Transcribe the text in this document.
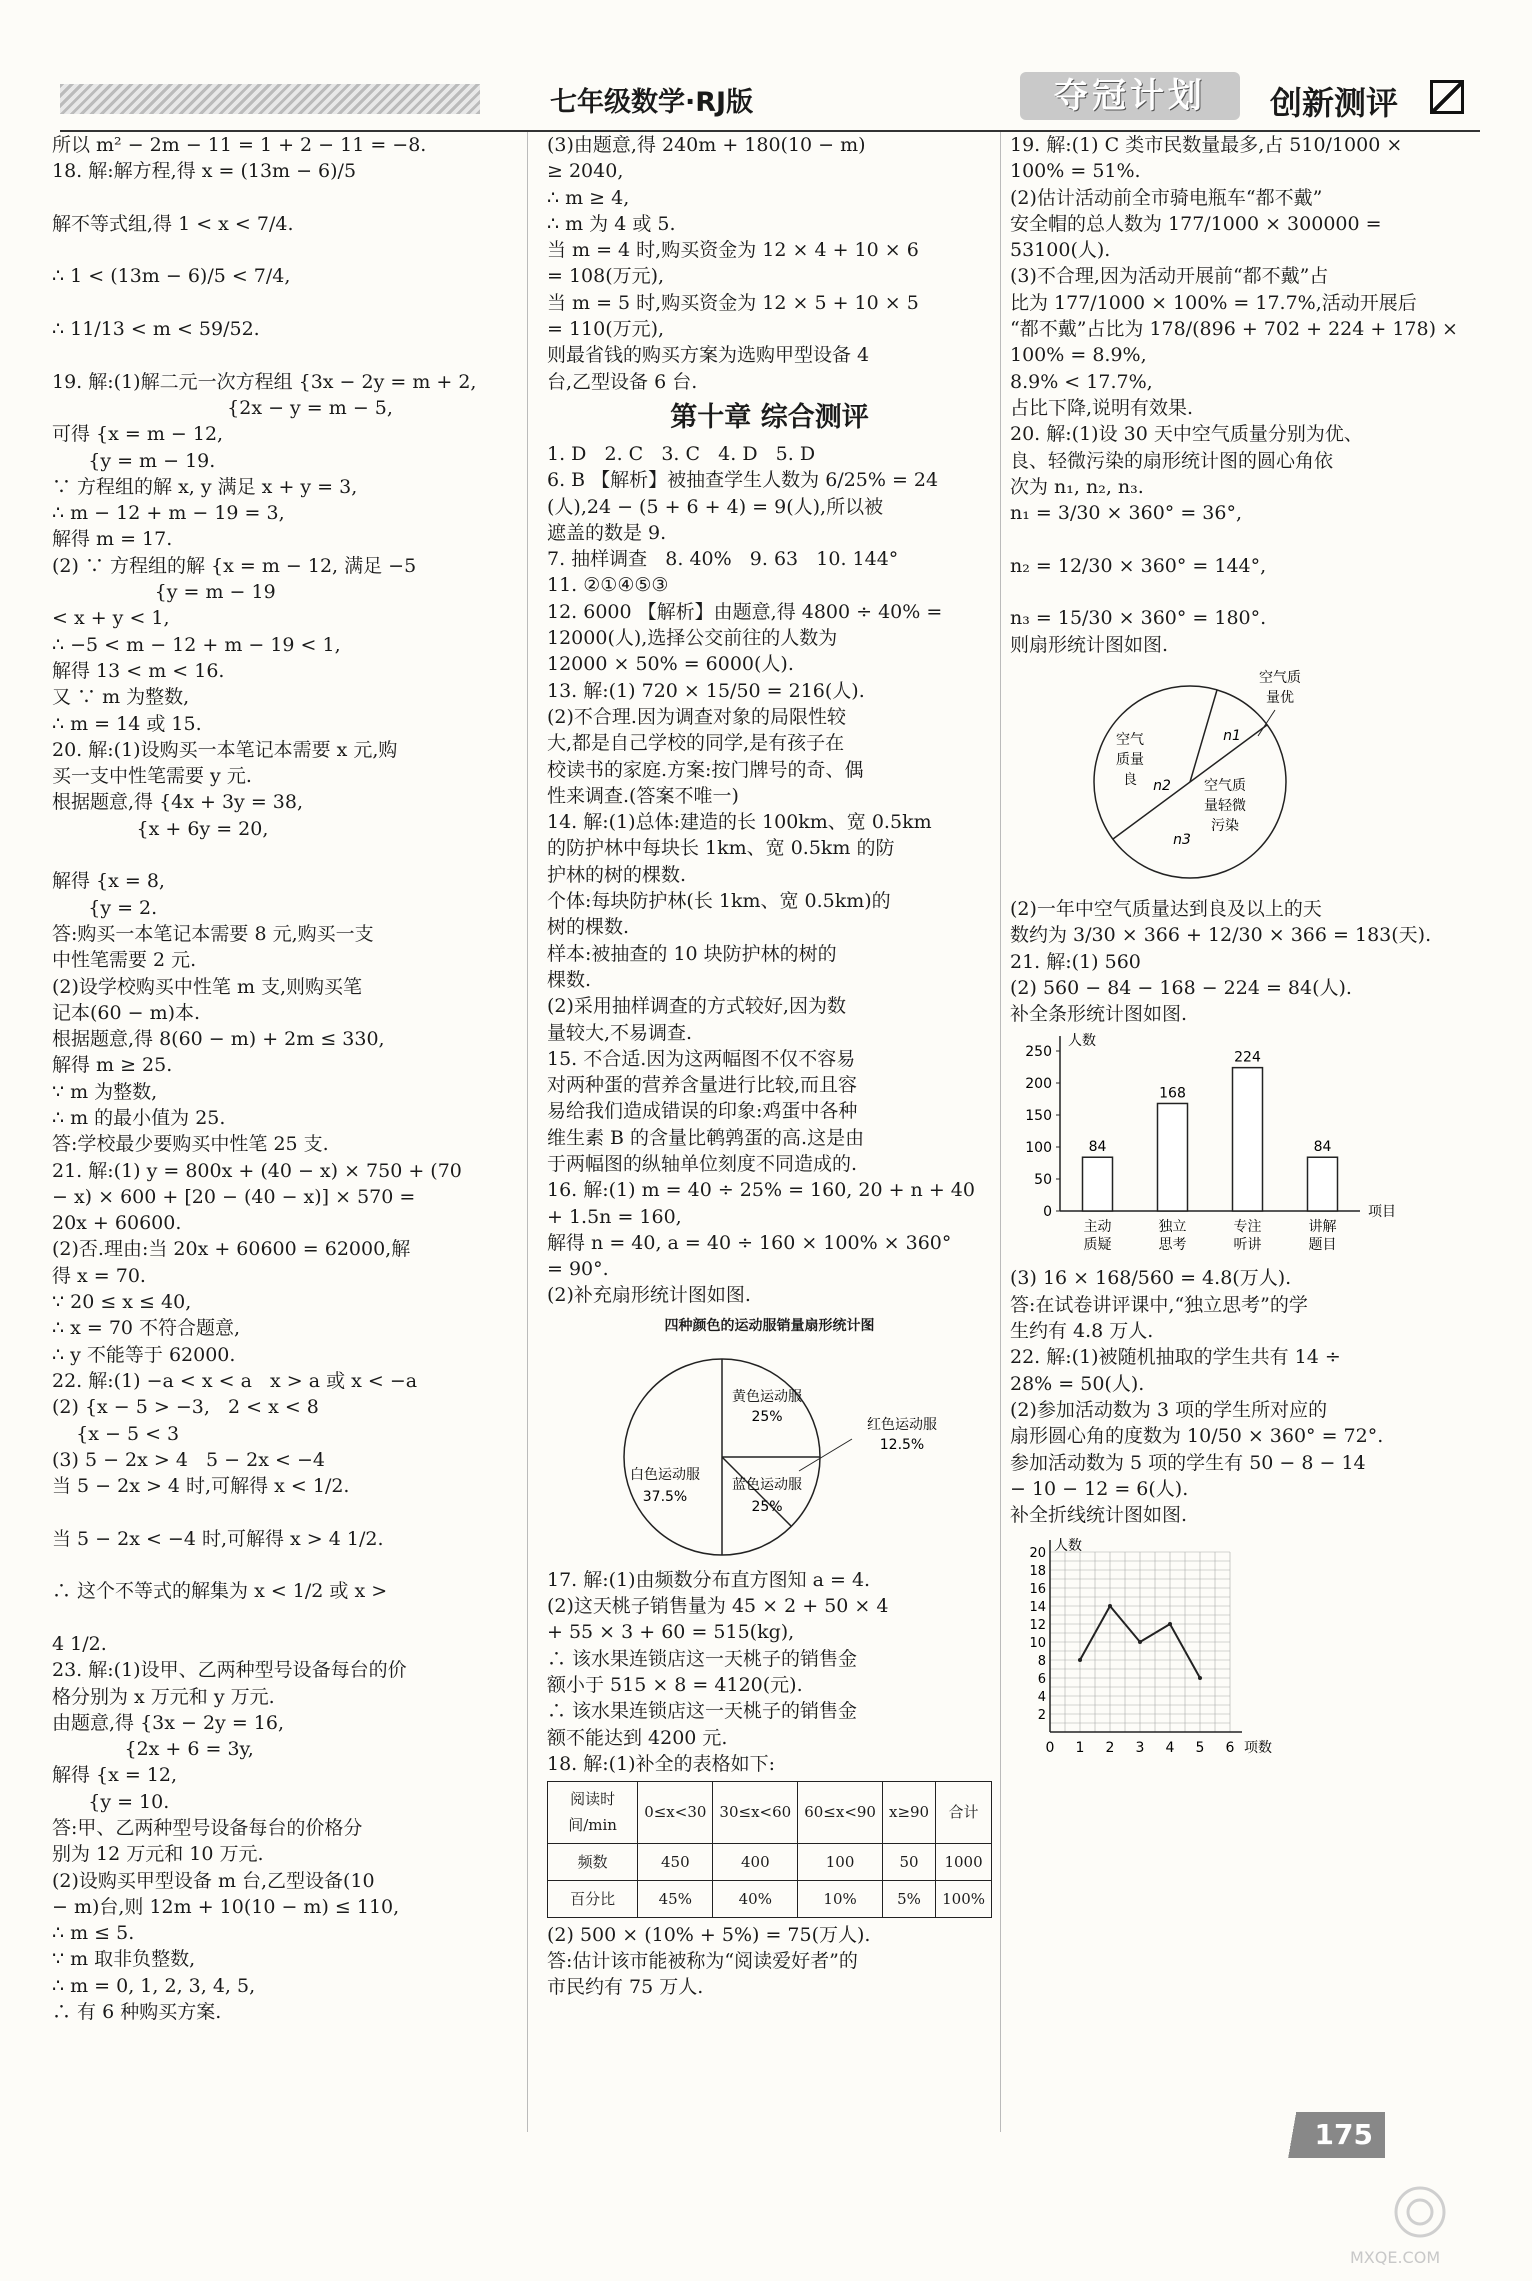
七年级数学·RJ版	夺冠计划	创新测评
所以 m² − 2m − 11 = 1 + 2 − 11 = −8.
18. 解:解方程,得 x = (13m − 6)/5
解不等式组,得 1 < x < 7/4.
∴ 1 < (13m − 6)/5 < 7/4,
∴ 11/13 < m < 59/52.
19. 解:(1)解二元一次方程组 {3x − 2y = m + 2,
{2x − y = m − 5,
可得 {x = m − 12,
{y = m − 19.
∵ 方程组的解 x, y 满足 x + y = 3,
∴ m − 12 + m − 19 = 3,
解得 m = 17.
(2) ∵ 方程组的解 {x = m − 12, 满足 −5
{y = m − 19
< x + y < 1,
∴ −5 < m − 12 + m − 19 < 1,
解得 13 < m < 16.
又 ∵ m 为整数,
∴ m = 14 或 15.
20. 解:(1)设购买一本笔记本需要 x 元,购
买一支中性笔需要 y 元.
根据题意,得 {4x + 3y = 38,
{x + 6y = 20,
解得 {x = 8,
{y = 2.
答:购买一本笔记本需要 8 元,购买一支
中性笔需要 2 元.
(2)设学校购买中性笔 m 支,则购买笔
记本(60 − m)本.
根据题意,得 8(60 − m) + 2m ≤ 330,
解得 m ≥ 25.
∵ m 为整数,
∴ m 的最小值为 25.
答:学校最少要购买中性笔 25 支.
21. 解:(1) y = 800x + (40 − x) × 750 + (70
− x) × 600 + [20 − (40 − x)] × 570 =
20x + 60600.
(2)否.理由:当 20x + 60600 = 62000,解
得 x = 70.
∵ 20 ≤ x ≤ 40,
∴ x = 70 不符合题意,
∴ y 不能等于 62000.
22. 解:(1) −a < x < a   x > a 或 x < −a
(2) {x − 5 > −3,   2 < x < 8
{x − 5 < 3
(3) 5 − 2x > 4   5 − 2x < −4
当 5 − 2x > 4 时,可解得 x < 1/2.
当 5 − 2x < −4 时,可解得 x > 4 1/2.
∴ 这个不等式的解集为 x < 1/2 或 x >
4 1/2.
23. 解:(1)设甲、乙两种型号设备每台的价
格分别为 x 万元和 y 万元.
由题意,得 {3x − 2y = 16,
{2x + 6 = 3y,
解得 {x = 12,
{y = 10.
答:甲、乙两种型号设备每台的价格分
别为 12 万元和 10 万元.
(2)设购买甲型设备 m 台,乙型设备(10
− m)台,则 12m + 10(10 − m) ≤ 110,
∴ m ≤ 5.
∵ m 取非负整数,
∴ m = 0, 1, 2, 3, 4, 5,
∴ 有 6 种购买方案.
(3)由题意,得 240m + 180(10 − m)
≥ 2040,
∴ m ≥ 4,
∴ m 为 4 或 5.
当 m = 4 时,购买资金为 12 × 4 + 10 × 6
= 108(万元),
当 m = 5 时,购买资金为 12 × 5 + 10 × 5
= 110(万元),
则最省钱的购买方案为选购甲型设备 4
台,乙型设备 6 台.
第十章 综合测评
1. D   2. C   3. C   4. D   5. D
6. B 【解析】被抽查学生人数为 6/25% = 24
(人),24 − (5 + 6 + 4) = 9(人),所以被
遮盖的数是 9.
7. 抽样调查   8. 40%   9. 63   10. 144°
11. ②①④⑤③
12. 6000 【解析】由题意,得 4800 ÷ 40% =
12000(人),选择公交前往的人数为
12000 × 50% = 6000(人).
13. 解:(1) 720 × 15/50 = 216(人).
(2)不合理.因为调查对象的局限性较
大,都是自己学校的同学,是有孩子在
校读书的家庭.方案:按门牌号的奇、偶
性来调查.(答案不唯一)
14. 解:(1)总体:建造的长 100km、宽 0.5km
的防护林中每块长 1km、宽 0.5km 的防
护林的树的棵数.
个体:每块防护林(长 1km、宽 0.5km)的
树的棵数.
样本:被抽查的 10 块防护林的树的
棵数.
(2)采用抽样调查的方式较好,因为数
量较大,不易调查.
15. 不合适.因为这两幅图不仅不容易
对两种蛋的营养含量进行比较,而且容
易给我们造成错误的印象:鸡蛋中各种
维生素 B 的含量比鹌鹑蛋的高.这是由
于两幅图的纵轴单位刻度不同造成的.
16. 解:(1) m = 40 ÷ 25% = 160, 20 + n + 40
+ 1.5n = 160,
解得 n = 40, a = 40 ÷ 160 × 100% × 360°
= 90°.
(2)补充扇形统计图如图.
四种颜色的运动服销量扇形统计图
黄色运动服
25%	红色运动服
12.5%
白色运动服
37.5%
蓝色运动服
25%
17. 解:(1)由频数分布直方图知 a = 4.
(2)这天桃子销售量为 45 × 2 + 50 × 4
+ 55 × 3 + 60 = 515(kg),
∴ 该水果连锁店这一天桃子的销售金
额小于 515 × 8 = 4120(元).
∴ 该水果连锁店这一天桃子的销售金
额不能达到 4200 元.
18. 解:(1)补全的表格如下:
阅读时间/min	0≤x<30	30≤x<60	60≤x<90	x≥90	合计
频数	450	400	100	50	1000
百分比	45%	40%	10%	5%	100%
(2) 500 × (10% + 5%) = 75(万人).
答:估计该市能被称为“阅读爱好者”的
市民约有 75 万人.
19. 解:(1) C 类市民数量最多,占 510/1000 ×
100% = 51%.
(2)估计活动前全市骑电瓶车“都不戴”
安全帽的总人数为 177/1000 × 300000 =
53100(人).
(3)不合理,因为活动开展前“都不戴”占
比为 177/1000 × 100% = 17.7%,活动开展后
“都不戴”占比为 178/(896 + 702 + 224 + 178) ×
100% = 8.9%,
8.9% < 17.7%,
占比下降,说明有效果.
20. 解:(1)设 30 天中空气质量分别为优、
良、轻微污染的扇形统计图的圆心角依
次为 n₁, n₂, n₃.
n₁ = 3/30 × 360° = 36°,
n₂ = 12/30 × 360° = 144°,
n₃ = 15/30 × 360° = 180°.
则扇形统计图如图.
空气质
量优
n1
空气
质量
良 n2 空气质
量轻微
污染
n3
(2)一年中空气质量达到良及以上的天
数约为 3/30 × 366 + 12/30 × 366 = 183(天).
21. 解:(1) 560
(2) 560 − 84 − 168 − 224 = 84(人).
补全条形统计图如图.
人数
项目
0
50
100
150
200
250
84
主动
质疑
168
独立
思考
224
专注
听讲
84
讲解
题目
(3) 16 × 168/560 = 4.8(万人).
答:在试卷讲评课中,“独立思考”的学
生约有 4.8 万人.
22. 解:(1)被随机抽取的学生共有 14 ÷
28% = 50(人).
(2)参加活动数为 3 项的学生所对应的
扇形圆心角的度数为 10/50 × 360° = 72°.
参加活动数为 5 项的学生有 50 − 8 − 14
− 10 − 12 = 6(人).
补全折线统计图如图.
人数
项数
2
4
6
8
10
12
14
16
18
20
0 1 2 3 4 5 6
175
MXQE.COM
